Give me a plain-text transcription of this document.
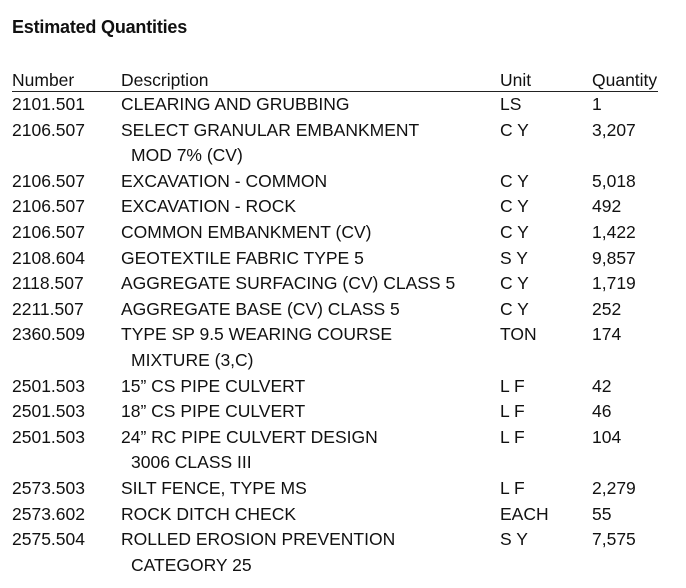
Estimated Quantities
Number	Description	Unit	Quantity
2101.501 CLEARING AND GRUBBING	LS	1
2106.507 SELECT GRANULAR EMBANKMENT	C Y	3,207
MOD 7% (CV)
2106.507 EXCAVATION - COMMON	C Y	5,018
2106.507 EXCAVATION - ROCK	C Y	492
2106.507 COMMON EMBANKMENT (CV)	C Y	1,422
2108.604 GEOTEXTILE FABRIC TYPE 5	S Y	9,857
2118.507 AGGREGATE SURFACING (CV) CLASS 5	C Y	1,719
2211.507 AGGREGATE BASE (CV) CLASS 5	C Y	252
2360.509 TYPE SP 9.5 WEARING COURSE	TON	174
MIXTURE (3,C)
2501.503 15” CS PIPE CULVERT	L F	42
2501.503 18” CS PIPE CULVERT	L F	46
2501.503 24” RC PIPE CULVERT DESIGN	L F	104
3006 CLASS III
2573.503 SILT FENCE, TYPE MS	L F	2,279
2573.602 ROCK DITCH CHECK	EACH 55
2575.504 ROLLED EROSION PREVENTION	S Y	7,575
CATEGORY 25
